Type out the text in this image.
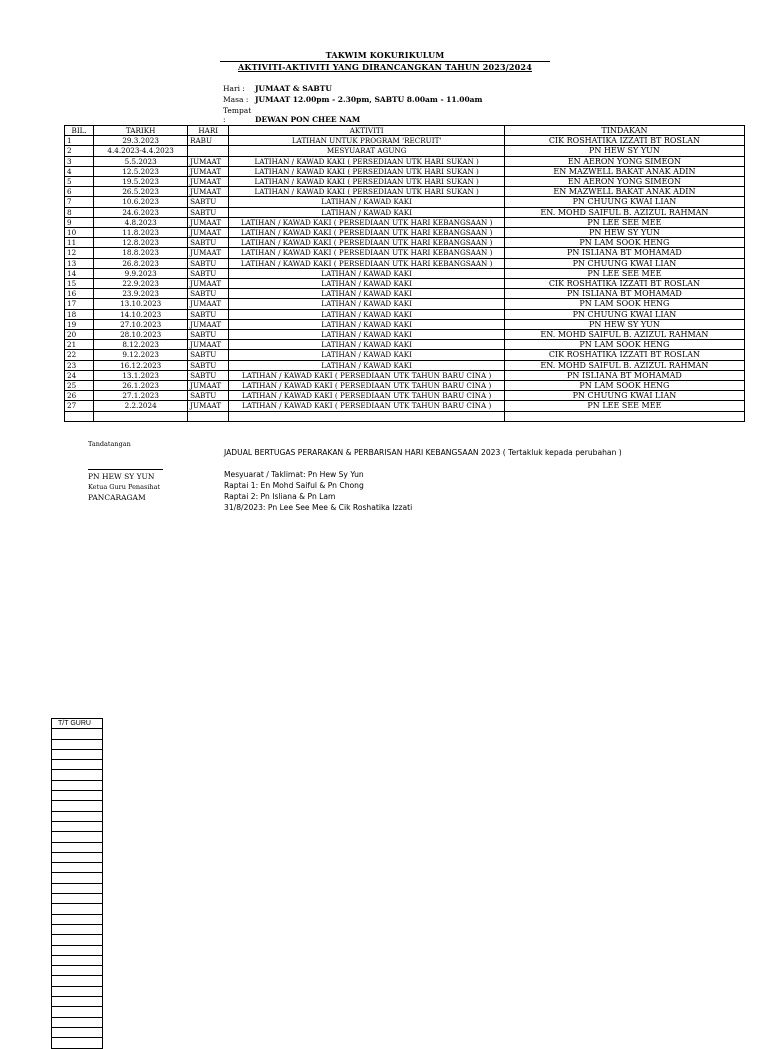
TAKWIM KOKURIKULUM
AKTIVITI-AKTIVITI YANG DIRANCANGKAN TAHUN 2023/2024
Hari : JUMAAT & SABTU
Masa : JUMAAT 12.00pm - 2.30pm, SABTU 8.00am - 11.00am
Tempat :	DEWAN PON CHEE NAM
BIL.	TARIKH	HARI	AKTIVITI	TINDAKAN
1	29.3.2023	RABU	LATIHAN UNTUK PROGRAM 'RECRUIT'	CIK ROSHATIKA IZZATI BT ROSLAN
2	4.4.2023-4.4.2023		MESYUARAT AGUNG	PN HEW SY YUN
3	5.5.2023	JUMAAT	LATIHAN / KAWAD KAKI ( PERSEDIAAN UTK HARI SUKAN )	EN AERON YONG SIMEON
4	12.5.2023	JUMAAT	LATIHAN / KAWAD KAKI ( PERSEDIAAN UTK HARI SUKAN )	EN MAZWELL BAKAT ANAK ADIN
5	19.5.2023	JUMAAT	LATIHAN / KAWAD KAKI ( PERSEDIAAN UTK HARI SUKAN )	EN AERON YONG SIMEON
6	26.5.2023	JUMAAT	LATIHAN / KAWAD KAKI ( PERSEDIAAN UTK HARI SUKAN )	EN MAZWELL BAKAT ANAK ADIN
7	10.6.2023	SABTU	LATIHAN / KAWAD KAKI	PN CHUUNG KWAI LIAN
8	24.6.2023	SABTU	LATIHAN / KAWAD KAKI	EN. MOHD SAIFUL B. AZIZUL RAHMAN
9	4.8.2023	JUMAAT	LATIHAN / KAWAD KAKI ( PERSEDIAAN UTK HARI KEBANGSAAN )	PN LEE SEE MEE
10	11.8.2023	JUMAAT	LATIHAN / KAWAD KAKI ( PERSEDIAAN UTK HARI KEBANGSAAN )	PN HEW SY YUN
11	12.8.2023	SABTU	LATIHAN / KAWAD KAKI ( PERSEDIAAN UTK HARI KEBANGSAAN )	PN LAM SOOK HENG
12	18.8.2023	JUMAAT	LATIHAN / KAWAD KAKI ( PERSEDIAAN UTK HARI KEBANGSAAN )	PN ISLIANA BT MOHAMAD
13	26.8.2023	SABTU	LATIHAN / KAWAD KAKI ( PERSEDIAAN UTK HARI KEBANGSAAN )	PN CHUUNG KWAI LIAN
14	9.9.2023	SABTU	LATIHAN / KAWAD KAKI	PN LEE SEE MEE
15	22.9.2023	JUMAAT	LATIHAN / KAWAD KAKI	CIK ROSHATIKA IZZATI BT ROSLAN
16	23.9.2023	SABTU	LATIHAN / KAWAD KAKI	PN ISLIANA BT MOHAMAD
17	13.10.2023	JUMAAT	LATIHAN / KAWAD KAKI	PN LAM SOOK HENG
18	14.10.2023	SABTU	LATIHAN / KAWAD KAKI	PN CHUUNG KWAI LIAN
19	27.10.2023	JUMAAT	LATIHAN / KAWAD KAKI	PN HEW SY YUN
20	28.10.2023	SABTU	LATIHAN / KAWAD KAKI	EN. MOHD SAIFUL B. AZIZUL RAHMAN
21	8.12.2023	JUMAAT	LATIHAN / KAWAD KAKI	PN LAM SOOK HENG
22	9.12.2023	SABTU	LATIHAN / KAWAD KAKI	CIK ROSHATIKA IZZATI BT ROSLAN
23	16.12.2023	SABTU	LATIHAN / KAWAD KAKI	EN. MOHD SAIFUL B. AZIZUL RAHMAN
24	13.1.2023	SABTU	LATIHAN / KAWAD KAKI ( PERSEDIAAN UTK TAHUN BARU CINA )	PN ISLIANA BT MOHAMAD
25	26.1.2023	JUMAAT	LATIHAN / KAWAD KAKI ( PERSEDIAAN UTK TAHUN BARU CINA )	PN LAM SOOK HENG
26	27.1.2023	SABTU	LATIHAN / KAWAD KAKI ( PERSEDIAAN UTK TAHUN BARU CINA )	PN CHUUNG KWAI LIAN
27	2.2.2024	JUMAAT	LATIHAN / KAWAD KAKI ( PERSEDIAAN UTK TAHUN BARU CINA )	PN LEE SEE MEE

Tandatangan
PN HEW SY YUN
Ketua Guru Penasihat
PANCARAGAM
JADUAL BERTUGAS PERARAKAN & PERBARISAN HARI KEBANGSAAN 2023 ( Tertakluk kepada perubahan )
Mesyuarat / Taklimat: Pn Hew Sy Yun
Raptai 1: En Mohd Saiful & Pn Chong
Raptai 2: Pn Isliana & Pn Lam
31/8/2023: Pn Lee See Mee & Cik Roshatika Izzati
T/T GURU
